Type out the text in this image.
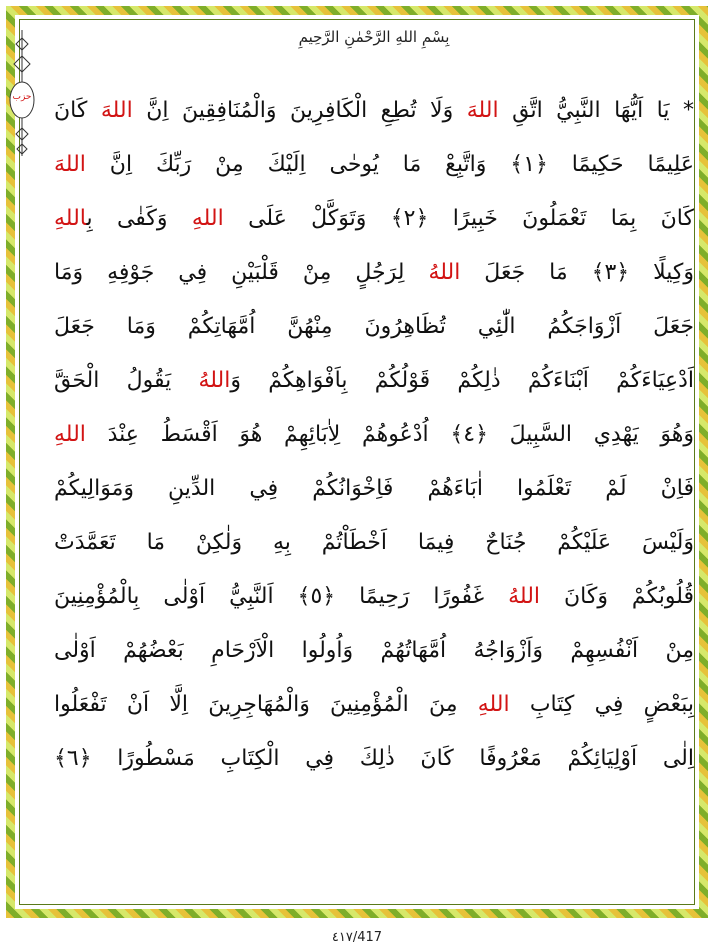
حزب
بِسْمِ اللهِ الرَّحْمٰنِ الرَّحِيمِ
* يَا اَيُّهَا النَّبِيُّ اتَّقِ اللهَ وَلَا تُطِعِ الْكَافِرِينَ وَالْمُنَافِقِينَ اِنَّ اللهَ كَانَ
عَلِيمًا حَكِيمًا ﴿١﴾ وَاتَّبِعْ مَا يُوحٰى اِلَيْكَ مِنْ رَبِّكَ اِنَّ اللهَ
كَانَ بِمَا تَعْمَلُونَ خَبِيرًا ﴿٢﴾ وَتَوَكَّلْ عَلَى اللهِ وَكَفٰى بِاللهِ
وَكِيلًا ﴿٣﴾ مَا جَعَلَ اللهُ لِرَجُلٍ مِنْ قَلْبَيْنِ فِي جَوْفِهِ وَمَا
جَعَلَ اَزْوَاجَكُمُ الّٰئِي تُظَاهِرُونَ مِنْهُنَّ اُمَّهَاتِكُمْ وَمَا جَعَلَ
اَدْعِيَاءَكُمْ اَبْنَاءَكُمْ ذٰلِكُمْ قَوْلُكُمْ بِاَفْوَاهِكُمْ وَاللهُ يَقُولُ الْحَقَّ
وَهُوَ يَهْدِي السَّبِيلَ ﴿٤﴾ اُدْعُوهُمْ لِاٰبَائِهِمْ هُوَ اَقْسَطُ عِنْدَ اللهِ
فَاِنْ لَمْ تَعْلَمُوا اٰبَاءَهُمْ فَاِخْوَانُكُمْ فِي الدِّينِ وَمَوَالِيكُمْ
وَلَيْسَ عَلَيْكُمْ جُنَاحٌ فِيمَا اَخْطَاْتُمْ بِهِ وَلٰكِنْ مَا تَعَمَّدَتْ
قُلُوبُكُمْ وَكَانَ اللهُ غَفُورًا رَحِيمًا ﴿٥﴾ اَلنَّبِيُّ اَوْلٰى بِالْمُؤْمِنِينَ
مِنْ اَنْفُسِهِمْ وَاَزْوَاجُهُ اُمَّهَاتُهُمْ وَاُولُوا الْاَرْحَامِ بَعْضُهُمْ اَوْلٰى
بِبَعْضٍ فِي كِتَابِ اللهِ مِنَ الْمُؤْمِنِينَ وَالْمُهَاجِرِينَ اِلَّا اَنْ تَفْعَلُوا
اِلٰى اَوْلِيَائِكُمْ مَعْرُوفًا كَانَ ذٰلِكَ فِي الْكِتَابِ مَسْطُورًا ﴿٦﴾
٤١٧/417
